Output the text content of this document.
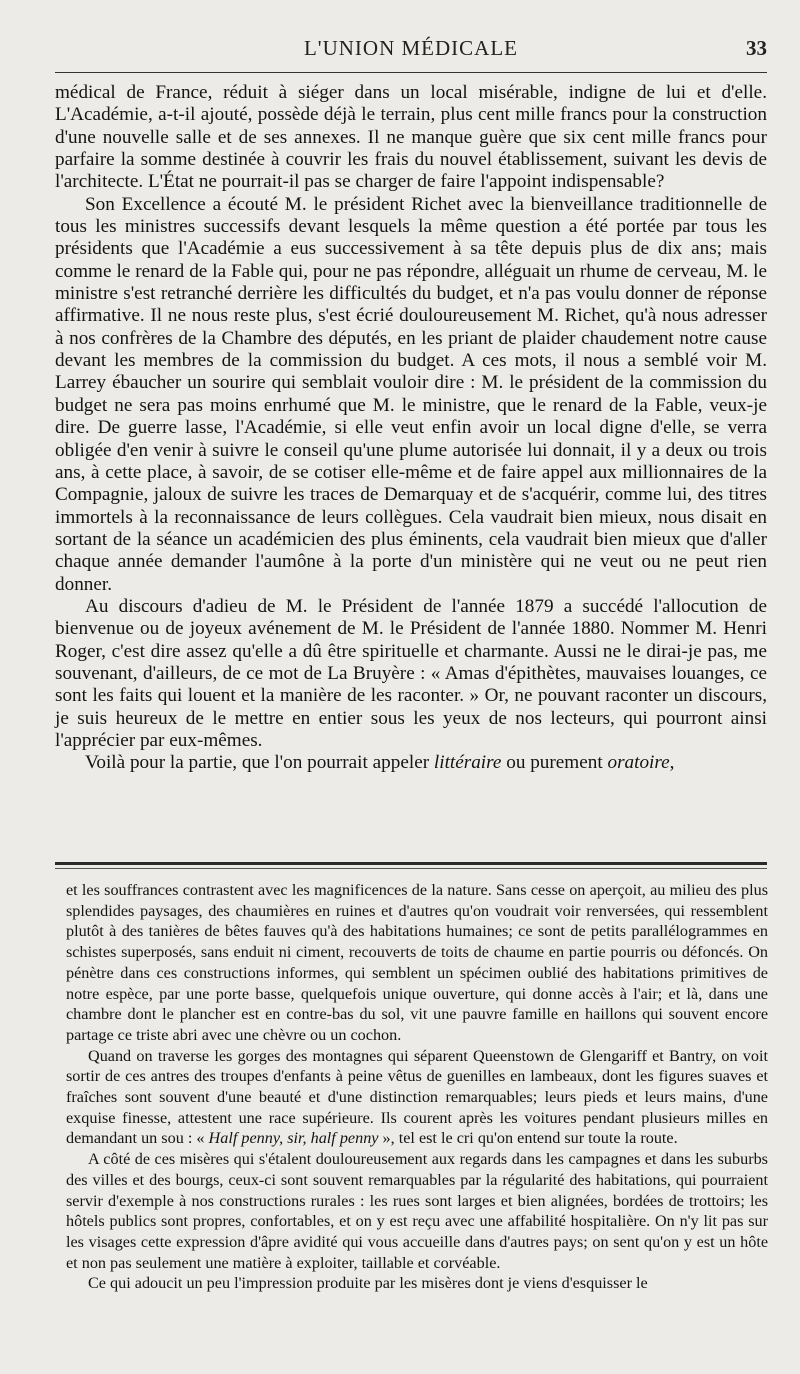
L'UNION MÉDICALE	33

médical de France, réduit à siéger dans un local misérable, indigne de lui et d'elle. L'Académie, a-t-il ajouté, possède déjà le terrain, plus cent mille francs pour la construction d'une nouvelle salle et de ses annexes. Il ne manque guère que six cent mille francs pour parfaire la somme destinée à couvrir les frais du nouvel établissement, suivant les devis de l'architecte. L'État ne pourrait-il pas se charger de faire l'appoint indispensable?

Son Excellence a écouté M. le président Richet avec la bienveillance traditionnelle de tous les ministres successifs devant lesquels la même question a été portée par tous les présidents que l'Académie a eus successivement à sa tête depuis plus de dix ans; mais comme le renard de la Fable qui, pour ne pas répondre, alléguait un rhume de cerveau, M. le ministre s'est retranché derrière les difficultés du budget, et n'a pas voulu donner de réponse affirmative. Il ne nous reste plus, s'est écrié douloureusement M. Richet, qu'à nous adresser à nos confrères de la Chambre des députés, en les priant de plaider chaudement notre cause devant les membres de la commission du budget. A ces mots, il nous a semblé voir M. Larrey ébaucher un sourire qui semblait vouloir dire : M. le président de la commission du budget ne sera pas moins enrhumé que M. le ministre, que le renard de la Fable, veux-je dire. De guerre lasse, l'Académie, si elle veut enfin avoir un local digne d'elle, se verra obligée d'en venir à suivre le conseil qu'une plume autorisée lui donnait, il y a deux ou trois ans, à cette place, à savoir, de se cotiser elle-même et de faire appel aux millionnaires de la Compagnie, jaloux de suivre les traces de Demarquay et de s'acquérir, comme lui, des titres immortels à la reconnaissance de leurs collègues. Cela vaudrait bien mieux, nous disait en sortant de la séance un académicien des plus éminents, cela vaudrait bien mieux que d'aller chaque année demander l'aumône à la porte d'un ministère qui ne veut ou ne peut rien donner.

Au discours d'adieu de M. le Président de l'année 1879 a succédé l'allocution de bienvenue ou de joyeux avénement de M. le Président de l'année 1880. Nommer M. Henri Roger, c'est dire assez qu'elle a dû être spirituelle et charmante. Aussi ne le dirai-je pas, me souvenant, d'ailleurs, de ce mot de La Bruyère : « Amas d'épithètes, mauvaises louanges, ce sont les faits qui louent et la manière de les raconter. » Or, ne pouvant raconter un discours, je suis heureux de le mettre en entier sous les yeux de nos lecteurs, qui pourront ainsi l'apprécier par eux-mêmes.

Voilà pour la partie, que l'on pourrait appeler littéraire ou purement oratoire,

et les souffrances contrastent avec les magnificences de la nature. Sans cesse on aperçoit, au milieu des plus splendides paysages, des chaumières en ruines et d'autres qu'on voudrait voir renversées, qui ressemblent plutôt à des tanières de bêtes fauves qu'à des habitations humaines; ce sont de petits parallélogrammes en schistes superposés, sans enduit ni ciment, recouverts de toits de chaume en partie pourris ou défoncés. On pénètre dans ces constructions informes, qui semblent un spécimen oublié des habitations primitives de notre espèce, par une porte basse, quelquefois unique ouverture, qui donne accès à l'air; et là, dans une chambre dont le plancher est en contre-bas du sol, vit une pauvre famille en haillons qui souvent encore partage ce triste abri avec une chèvre ou un cochon.

Quand on traverse les gorges des montagnes qui séparent Queenstown de Glengariff et Bantry, on voit sortir de ces antres des troupes d'enfants à peine vêtus de guenilles en lambeaux, dont les figures suaves et fraîches sont souvent d'une beauté et d'une distinction remarquables; leurs pieds et leurs mains, d'une exquise finesse, attestent une race supérieure. Ils courent après les voitures pendant plusieurs milles en demandant un sou : « Half penny, sir, half penny », tel est le cri qu'on entend sur toute la route.

A côté de ces misères qui s'étalent douloureusement aux regards dans les campagnes et dans les suburbs des villes et des bourgs, ceux-ci sont souvent remarquables par la régularité des habitations, qui pourraient servir d'exemple à nos constructions rurales : les rues sont larges et bien alignées, bordées de trottoirs; les hôtels publics sont propres, confortables, et on y est reçu avec une affabilité hospitalière. On n'y lit pas sur les visages cette expression d'âpre avidité qui vous accueille dans d'autres pays; on sent qu'on y est un hôte et non pas seulement une matière à exploiter, taillable et corvéable.

Ce qui adoucit un peu l'impression produite par les misères dont je viens d'esquisser le
